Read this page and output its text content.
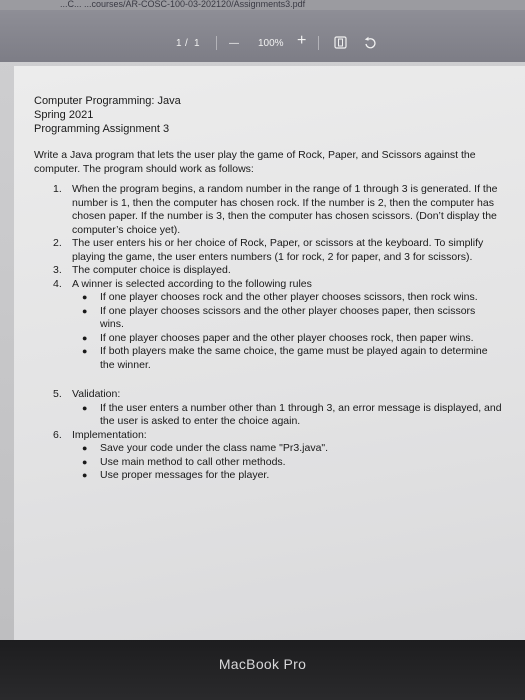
...C... ...courses/AR-COSC-100-03-202120/Assignments3.pdf
1 / 1	— 100% +
Computer Programming: Java
Spring 2021
Programming Assignment 3
Write a Java program that lets the user play the game of Rock, Paper, and Scissors against the computer. The program should work as follows:
1. When the program begins, a random number in the range of 1 through 3 is generated. If the number is 1, then the computer has chosen rock. If the number is 2, then the computer has chosen paper. If the number is 3, then the computer has chosen scissors. (Don’t display the computer’s choice yet).
2. The user enters his or her choice of Rock, Paper, or scissors at the keyboard. To simplify playing the game, the user enters numbers (1 for rock, 2 for paper, and 3 for scissors).
3. The computer choice is displayed.
4. A winner is selected according to the following rules
● If one player chooses rock and the other player chooses scissors, then rock wins.
● If one player chooses scissors and the other player chooses paper, then scissors wins.
● If one player chooses paper and the other player chooses rock, then paper wins.
● If both players make the same choice, the game must be played again to determine the winner.
5. Validation:
● If the user enters a number other than 1 through 3, an error message is displayed, and the user is asked to enter the choice again.
6. Implementation:
● Save your code under the class name "Pr3.java".
● Use main method to call other methods.
● Use proper messages for the player.
MacBook Pro
